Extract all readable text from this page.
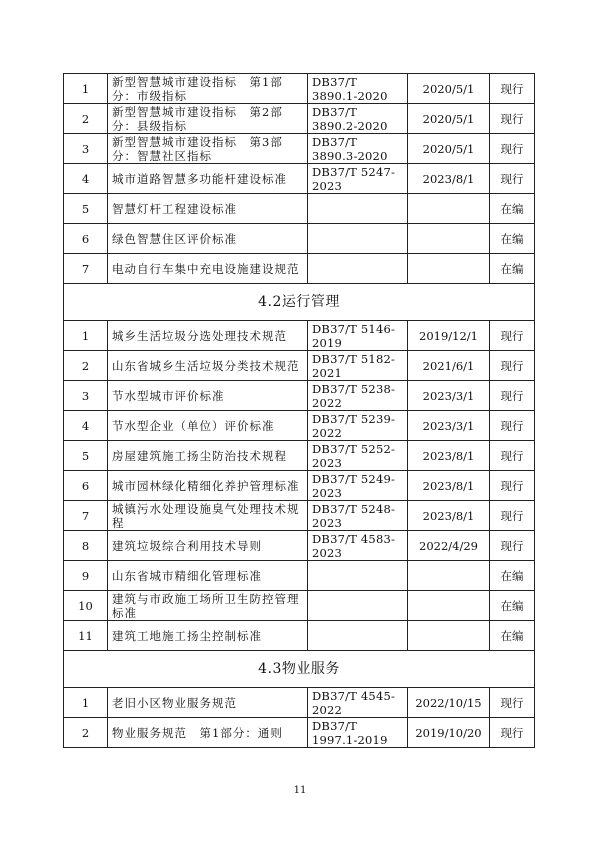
1	新型智慧城市建设指标　第1部分：市级指标	DB37/T 3890.1-2020	2020/5/1	现行
2	新型智慧城市建设指标　第2部分：县级指标	DB37/T 3890.2-2020	2020/5/1	现行
3	新型智慧城市建设指标　第3部分：智慧社区指标	DB37/T 3890.3-2020	2020/5/1	现行
4	城市道路智慧多功能杆建设标准	DB37/T 5247-2023	2023/8/1	现行
5	智慧灯杆工程建设标准			在编
6	绿色智慧住区评价标准			在编
7	电动自行车集中充电设施建设规范			在编
4.2运行管理				
1	城乡生活垃圾分选处理技术规范	DB37/T 5146-2019	2019/12/1	现行
2	山东省城乡生活垃圾分类技术规范	DB37/T 5182-2021	2021/6/1	现行
3	节水型城市评价标准	DB37/T 5238-2022	2023/3/1	现行
4	节水型企业（单位）评价标准	DB37/T 5239-2022	2023/3/1	现行
5	房屋建筑施工扬尘防治技术规程	DB37/T 5252-2023	2023/8/1	现行
6	城市园林绿化精细化养护管理标准	DB37/T 5249-2023	2023/8/1	现行
7	城镇污水处理设施臭气处理技术规程	DB37/T 5248-2023	2023/8/1	现行
8	建筑垃圾综合利用技术导则	DB37/T 4583-2023	2022/4/29	现行
9	山东省城市精细化管理标准			在编
10	建筑与市政施工场所卫生防控管理标准			在编
11	建筑工地施工扬尘控制标准			在编
4.3物业服务				
1	老旧小区物业服务规范	DB37/T 4545-2022	2022/10/15	现行
2	物业服务规范　第1部分：通则	DB37/T 1997.1-2019	2019/10/20	现行
11
